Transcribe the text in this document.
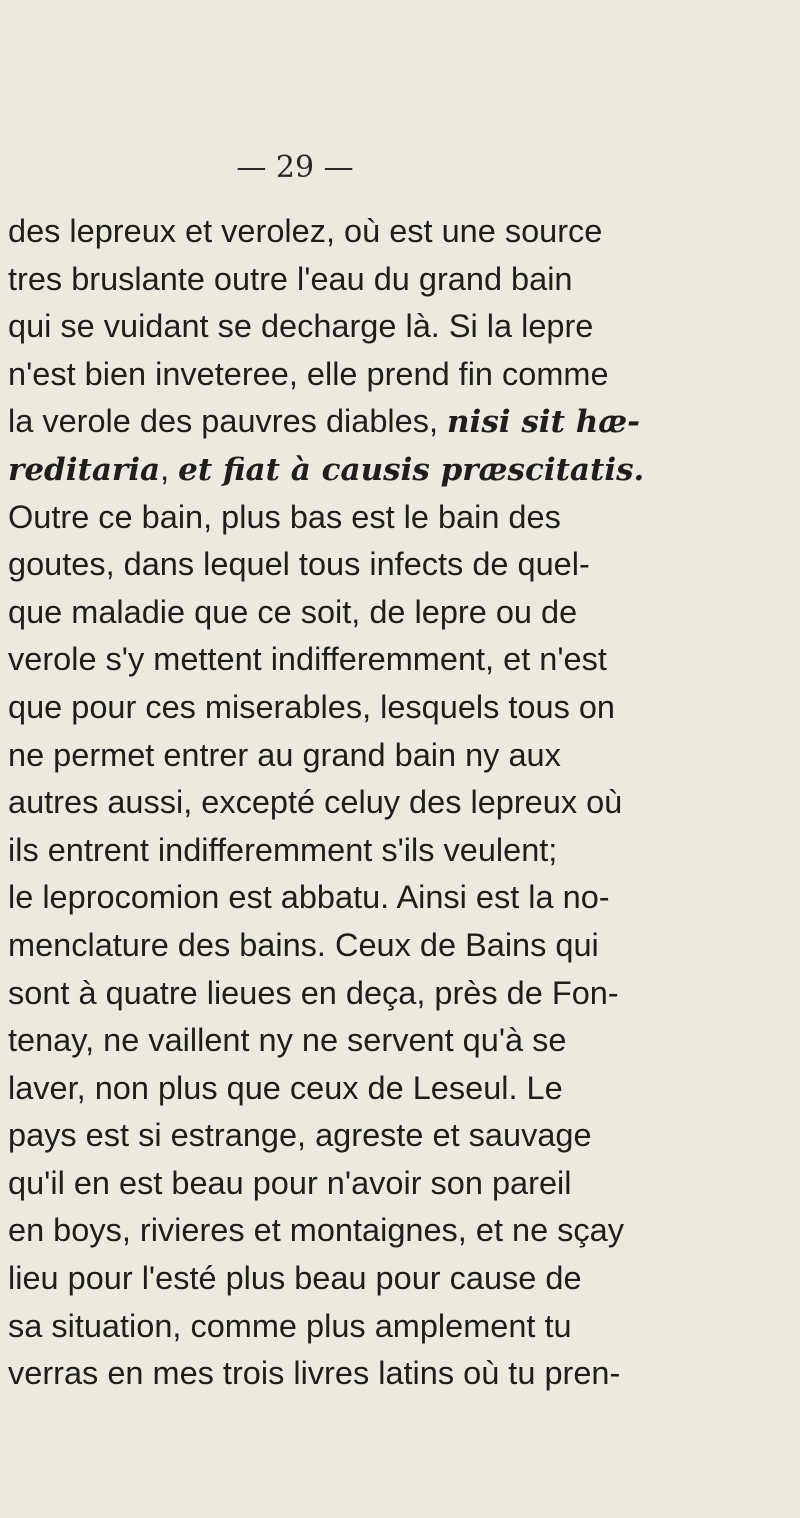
— 29 —
des lepreux et verolez, où est une source
tres bruslante outre l'eau du grand bain
qui se vuidant se decharge là. Si la lepre
n'est bien inveteree, elle prend fin comme
la verole des pauvres diables, nisi sit hæ-
reditaria, et fiat à causis præscitatis.
Outre ce bain, plus bas est le bain des
goutes, dans lequel tous infects de quel-
que maladie que ce soit, de lepre ou de
verole s'y mettent indifferemment, et n'est
que pour ces miserables, lesquels tous on
ne permet entrer au grand bain ny aux
autres aussi, excepté celuy des lepreux où
ils entrent indifferemment s'ils veulent;
le leprocomion est abbatu. Ainsi est la no-
menclature des bains. Ceux de Bains qui
sont à quatre lieues en deça, près de Fon-
tenay, ne vaillent ny ne servent qu'à se
laver, non plus que ceux de Leseul. Le
pays est si estrange, agreste et sauvage
qu'il en est beau pour n'avoir son pareil
en boys, rivieres et montaignes, et ne sçay
lieu pour l'esté plus beau pour cause de
sa situation, comme plus amplement tu
verras en mes trois livres latins où tu pren-
